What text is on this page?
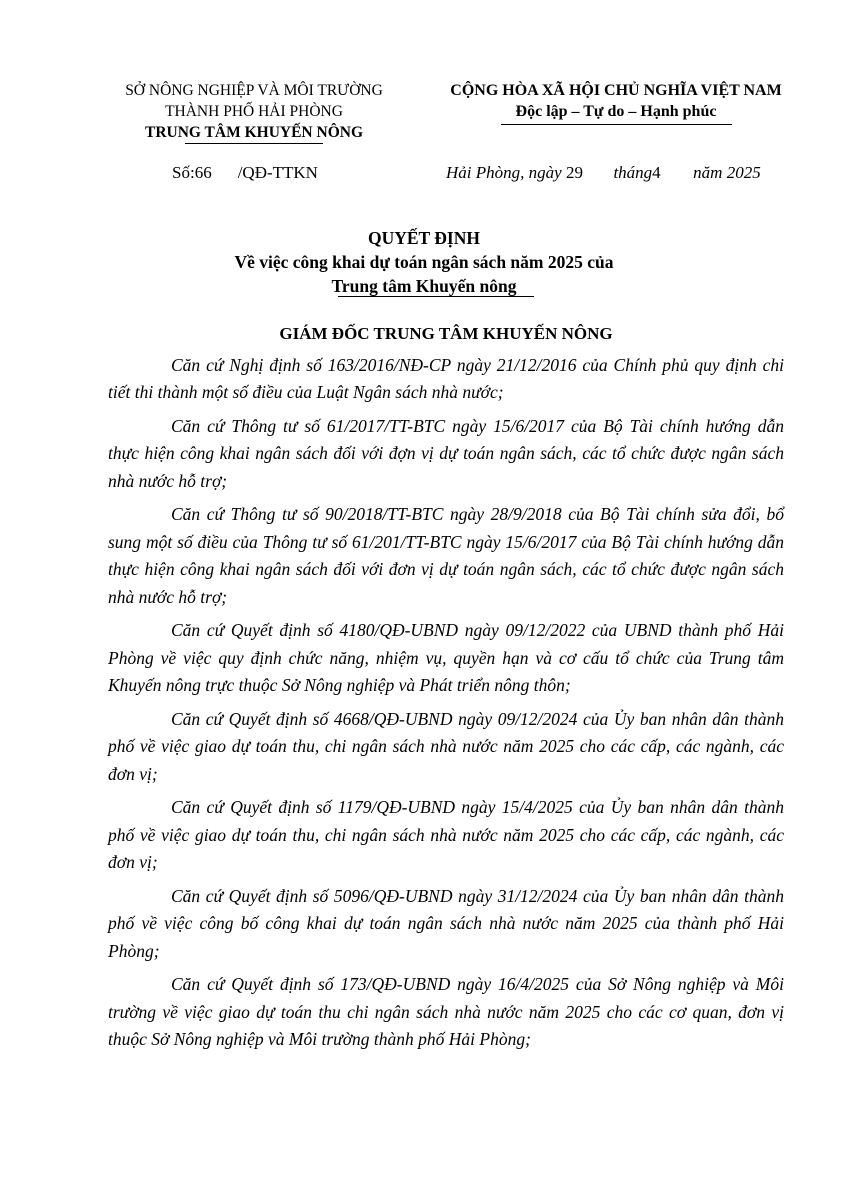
SỞ NÔNG NGHIỆP VÀ MÔI TRƯỜNG
THÀNH PHỐ HẢI PHÒNG
TRUNG TÂM KHUYẾN NÔNG
CỘNG HÒA XÃ HỘI CHỦ NGHĨA VIỆT NAM
Độc lập – Tự do – Hạnh phúc
Số:66 /QĐ-TTKN	Hải Phòng, ngày 29 tháng4 năm 2025
QUYẾT ĐỊNH
Về việc công khai dự toán ngân sách năm 2025 của
Trung tâm Khuyến nông
GIÁM ĐỐC TRUNG TÂM KHUYẾN NÔNG

Căn cứ Nghị định số 163/2016/NĐ-CP ngày 21/12/2016 của Chính phủ quy định chi tiết thi thành một số điều của Luật Ngân sách nhà nước;

Căn cứ Thông tư số 61/2017/TT-BTC ngày 15/6/2017 của Bộ Tài chính hướng dẫn thực hiện công khai ngân sách đối với đợn vị dự toán ngân sách, các tổ chức được ngân sách nhà nước hỗ trợ;

Căn cứ Thông tư số 90/2018/TT-BTC ngày 28/9/2018 của Bộ Tài chính sửa đổi, bổ sung một số điều của Thông tư số 61/201/TT-BTC ngày 15/6/2017 của Bộ Tài chính hướng dẫn thực hiện công khai ngân sách đối với đơn vị dự toán ngân sách, các tổ chức được ngân sách nhà nước hỗ trợ;

Căn cứ Quyết định số 4180/QĐ-UBND ngày 09/12/2022 của UBND thành phố Hải Phòng về việc quy định chức năng, nhiệm vụ, quyền hạn và cơ cấu tổ chức của Trung tâm Khuyến nông trực thuộc Sở Nông nghiệp và Phát triển nông thôn;

Căn cứ Quyết định số 4668/QĐ-UBND ngày 09/12/2024 của Ủy ban nhân dân thành phố về việc giao dự toán thu, chi ngân sách nhà nước năm 2025 cho các cấp, các ngành, các đơn vị;

Căn cứ Quyết định số 1179/QĐ-UBND ngày 15/4/2025 của Ủy ban nhân dân thành phố về việc giao dự toán thu, chi ngân sách nhà nước năm 2025 cho các cấp, các ngành, các đơn vị;

Căn cứ Quyết định số 5096/QĐ-UBND ngày 31/12/2024 của Ủy ban nhân dân thành phố về việc công bố công khai dự toán ngân sách nhà nước năm 2025 của thành phố Hải Phòng;

Căn cứ Quyết định số 173/QĐ-UBND ngày 16/4/2025 của Sở Nông nghiệp và Môi trường về việc giao dự toán thu chi ngân sách nhà nước năm 2025 cho các cơ quan, đơn vị thuộc Sở Nông nghiệp và Môi trường thành phố Hải Phòng;
